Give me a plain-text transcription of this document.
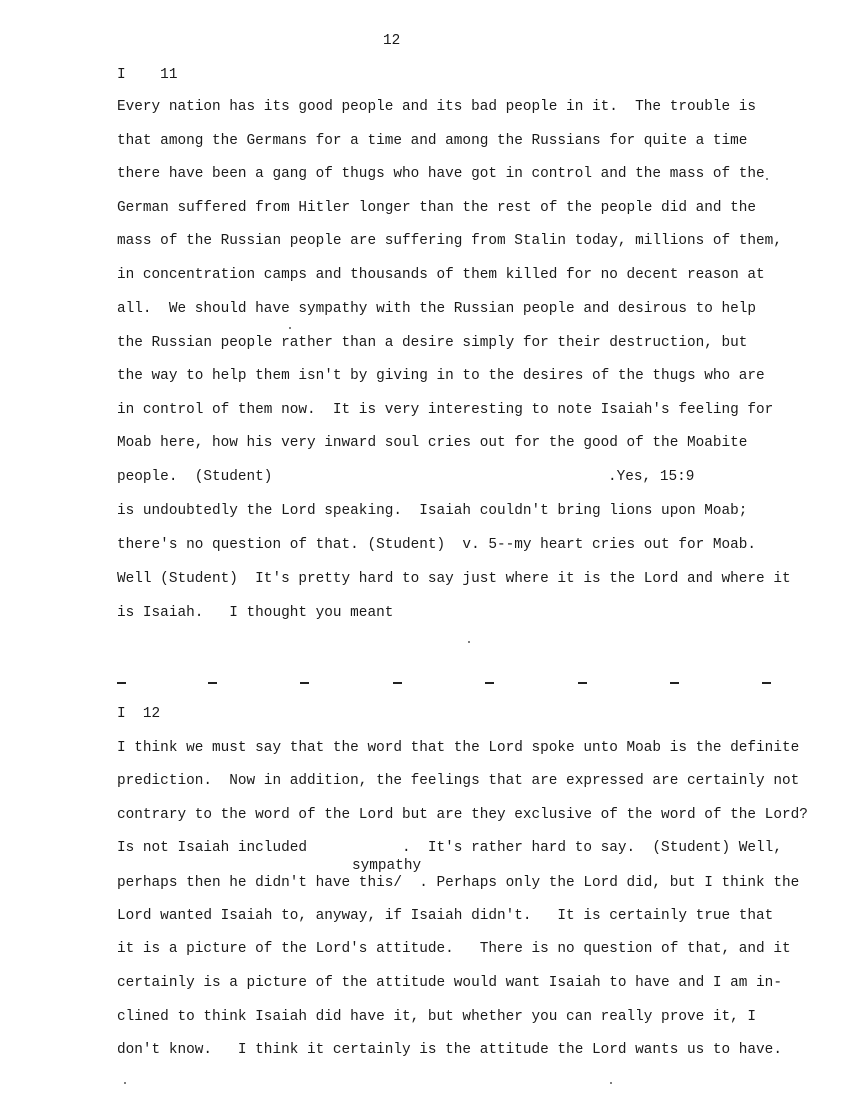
12
I    11
Every nation has its good people and its bad people in it.  The trouble is
that among the Germans for a time and among the Russians for quite a time
there have been a gang of thugs who have got in control and the mass of the
German suffered from Hitler longer than the rest of the people did and the
mass of the Russian people are suffering from Stalin today, millions of them,
in concentration camps and thousands of them killed for no decent reason at
all.  We should have sympathy with the Russian people and desirous to help
the Russian people rather than a desire simply for their destruction, but
the way to help them isn't by giving in to the desires of the thugs who are
in control of them now.  It is very interesting to note Isaiah's feeling for
Moab here, how his very inward soul cries out for the good of the Moabite
people.  (Student)	.Yes, 15:9
is undoubtedly the Lord speaking.  Isaiah couldn't bring lions upon Moab;
there's no question of that. (Student)  v. 5--my heart cries out for Moab.
Well (Student)  It's pretty hard to say just where it is the Lord and where it
is Isaiah.   I thought you meant
I  12
I think we must say that the word that the Lord spoke unto Moab is the definite
prediction.  Now in addition, the feelings that are expressed are certainly not
contrary to the word of the Lord but are they exclusive of the word of the Lord?
Is not Isaiah included           .  It's rather hard to say.  (Student) Well,
sympathy
perhaps then he didn't have this/  . Perhaps only the Lord did, but I think the
Lord wanted Isaiah to, anyway, if Isaiah didn't.   It is certainly true that
it is a picture of the Lord's attitude.   There is no question of that, and it
certainly is a picture of the attitude would want Isaiah to have and I am in-
clined to think Isaiah did have it, but whether you can really prove it, I
don't know.   I think it certainly is the attitude the Lord wants us to have.
